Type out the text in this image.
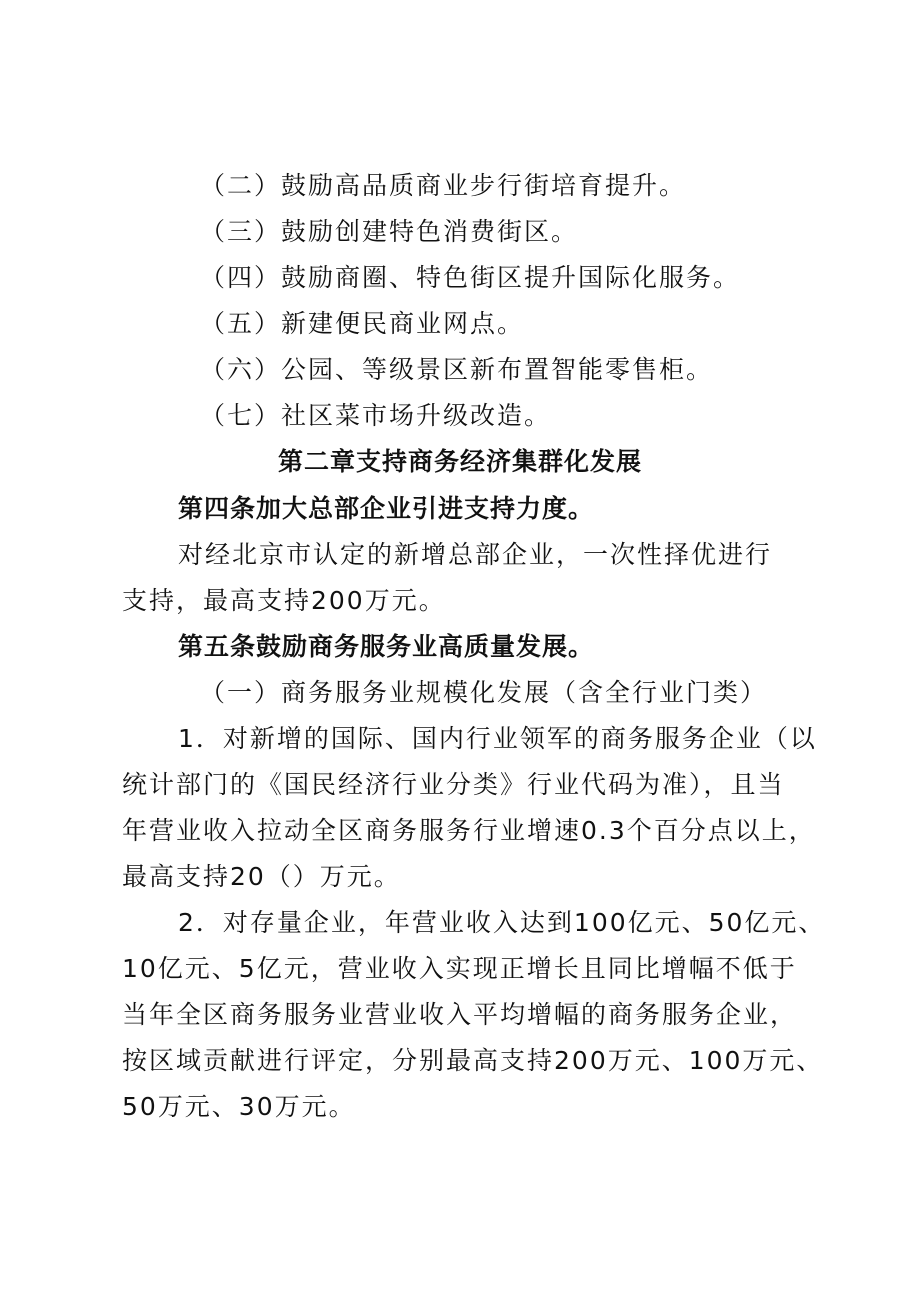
（二）鼓励高品质商业步行街培育提升。
（三）鼓励创建特色消费街区。
（四）鼓励商圈、特色街区提升国际化服务。
（五）新建便民商业网点。
（六）公园、等级景区新布置智能零售柜。
（七）社区菜市场升级改造。
第二章支持商务经济集群化发展
第四条加大总部企业引进支持力度。
对经北京市认定的新增总部企业，一次性择优进行
支持，最高支持200万元。
第五条鼓励商务服务业高质量发展。
（一）商务服务业规模化发展（含全行业门类）
1．对新增的国际、国内行业领军的商务服务企业（以
统计部门的《国民经济行业分类》行业代码为准），且当
年营业收入拉动全区商务服务行业增速0.3个百分点以上，
最高支持20（）万元。
2．对存量企业，年营业收入达到100亿元、50亿元、
10亿元、5亿元，营业收入实现正增长且同比增幅不低于
当年全区商务服务业营业收入平均增幅的商务服务企业，
按区域贡献进行评定，分别最高支持200万元、100万元、
50万元、30万元。
